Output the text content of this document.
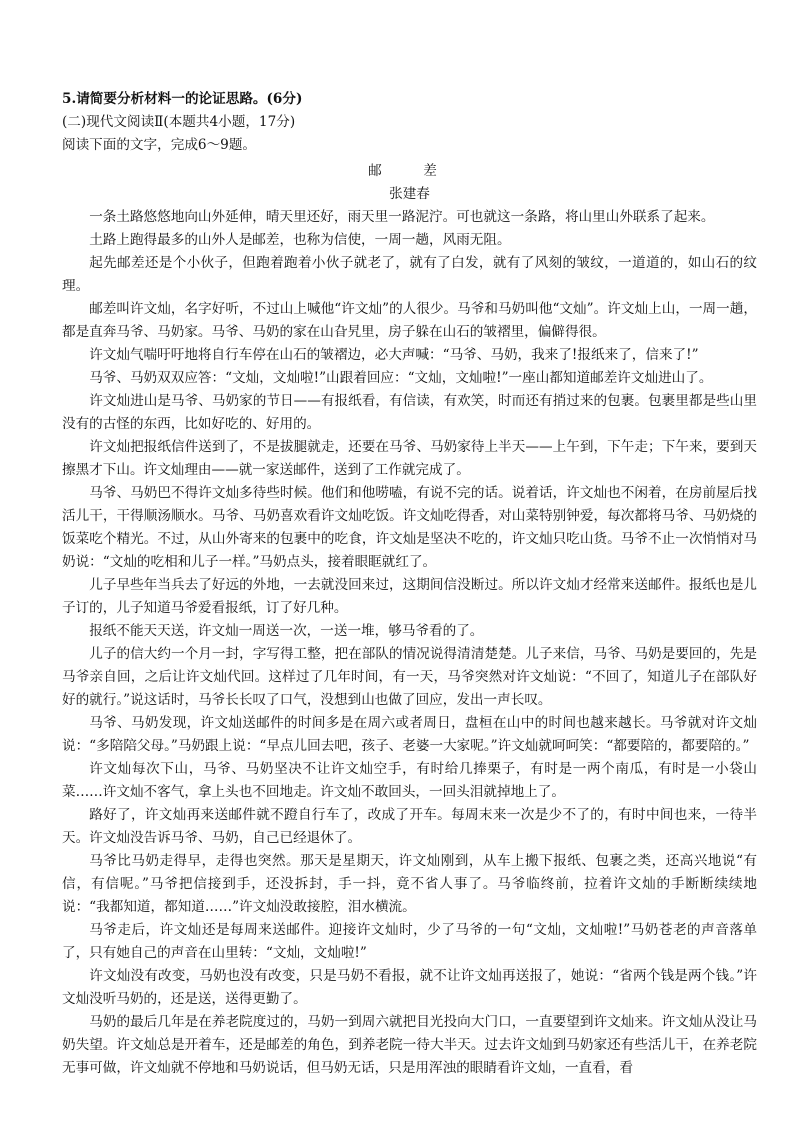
5.请简要分析材料一的论证思路。(6分)

(二)现代文阅读Ⅱ(本题共4小题，17分)

阅读下面的文字，完成6～9题。

邮　差

张建春

一条土路悠悠地向山外延伸，晴天里还好，雨天里一路泥泞。可也就这一条路，将山里山外联系了起来。

土路上跑得最多的山外人是邮差，也称为信使，一周一趟，风雨无阻。

起先邮差还是个小伙子，但跑着跑着小伙子就老了，就有了白发，就有了风刻的皱纹，一道道的，如山石的纹理。

邮差叫许文灿，名字好听，不过山上喊他“许文灿”的人很少。马爷和马奶叫他“文灿”。许文灿上山，一周一趟，都是直奔马爷、马奶家。马爷、马奶的家在山旮旯里，房子躲在山石的皱褶里，偏僻得很。

许文灿气喘吁吁地将自行车停在山石的皱褶边，必大声喊：“马爷、马奶，我来了!报纸来了，信来了!”

马爷、马奶双双应答：“文灿，文灿啦!”山跟着回应：“文灿，文灿啦!”一座山都知道邮差许文灿进山了。

许文灿进山是马爷、马奶家的节日——有报纸看，有信读，有欢笑，时而还有捎过来的包裹。包裹里都是些山里没有的古怪的东西，比如好吃的、好用的。

许文灿把报纸信件送到了，不是拔腿就走，还要在马爷、马奶家待上半天——上午到，下午走；下午来，要到天擦黑才下山。许文灿理由——就一家送邮件，送到了工作就完成了。

马爷、马奶巴不得许文灿多待些时候。他们和他唠嗑，有说不完的话。说着话，许文灿也不闲着，在房前屋后找活儿干，干得顺汤顺水。马爷、马奶喜欢看许文灿吃饭。许文灿吃得香，对山菜特别钟爱，每次都将马爷、马奶烧的饭菜吃个精光。不过，从山外寄来的包裹中的吃食，许文灿是坚决不吃的，许文灿只吃山货。马爷不止一次悄悄对马奶说：“文灿的吃相和儿子一样。”马奶点头，接着眼眶就红了。

儿子早些年当兵去了好远的外地，一去就没回来过，这期间信没断过。所以许文灿才经常来送邮件。报纸也是儿子订的，儿子知道马爷爱看报纸，订了好几种。

报纸不能天天送，许文灿一周送一次，一送一堆，够马爷看的了。

儿子的信大约一个月一封，字写得工整，把在部队的情况说得清清楚楚。儿子来信，马爷、马奶是要回的，先是马爷亲自回，之后让许文灿代回。这样过了几年时间，有一天，马爷突然对许文灿说：“不回了，知道儿子在部队好好的就行。”说这话时，马爷长长叹了口气，没想到山也做了回应，发出一声长叹。

马爷、马奶发现，许文灿送邮件的时间多是在周六或者周日，盘桓在山中的时间也越来越长。马爷就对许文灿说：“多陪陪父母。”马奶跟上说：“早点儿回去吧，孩子、老婆一大家呢。”许文灿就呵呵笑：“都要陪的，都要陪的。”

许文灿每次下山，马爷、马奶坚决不让许文灿空手，有时给几捧栗子，有时是一两个南瓜，有时是一小袋山菜……许文灿不客气，拿上头也不回地走。许文灿不敢回头，一回头泪就掉地上了。

路好了，许文灿再来送邮件就不蹬自行车了，改成了开车。每周末来一次是少不了的，有时中间也来，一待半天。许文灿没告诉马爷、马奶，自己已经退休了。

马爷比马奶走得早，走得也突然。那天是星期天，许文灿刚到，从车上搬下报纸、包裹之类，还高兴地说“有信，有信呢。”马爷把信接到手，还没拆封，手一抖，竟不省人事了。马爷临终前，拉着许文灿的手断断续续地说：“我都知道，都知道……”许文灿没敢接腔，泪水横流。

马爷走后，许文灿还是每周来送邮件。迎接许文灿时，少了马爷的一句“文灿，文灿啦!”马奶苍老的声音落单了，只有她自己的声音在山里转：“文灿，文灿啦!”

许文灿没有改变，马奶也没有改变，只是马奶不看报，就不让许文灿再送报了，她说：“省两个钱是两个钱。”许文灿没听马奶的，还是送，送得更勤了。

马奶的最后几年是在养老院度过的，马奶一到周六就把目光投向大门口，一直要望到许文灿来。许文灿从没让马奶失望。许文灿总是开着车，还是邮差的角色，到养老院一待大半天。过去许文灿到马奶家还有些活儿干，在养老院无事可做，许文灿就不停地和马奶说话，但马奶无话，只是用浑浊的眼睛看许文灿，一直看，看
